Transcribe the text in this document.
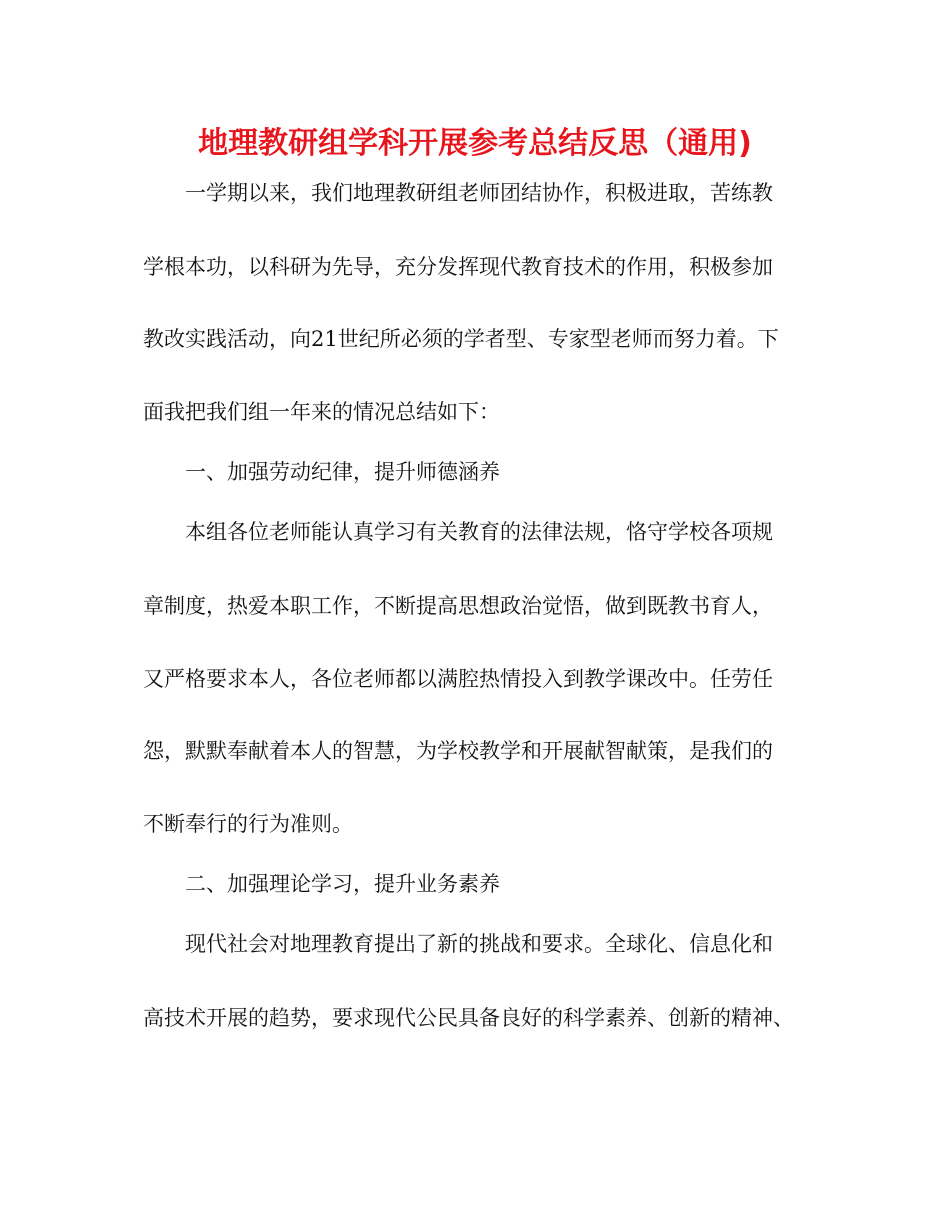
地理教研组学科开展参考总结反思（通用)
一学期以来，我们地理教研组老师团结协作，积极进取，苦练教
学根本功，以科研为先导，充分发挥现代教育技术的作用，积极参加
教改实践活动，向21世纪所必须的学者型、专家型老师而努力着。下
面我把我们组一年来的情况总结如下：
一、加强劳动纪律，提升师德涵养
本组各位老师能认真学习有关教育的法律法规，恪守学校各项规
章制度，热爱本职工作，不断提高思想政治觉悟，做到既教书育人，
又严格要求本人，各位老师都以满腔热情投入到教学课改中。任劳任
怨，默默奉献着本人的智慧，为学校教学和开展献智献策，是我们的
不断奉行的行为准则。
二、加强理论学习，提升业务素养
现代社会对地理教育提出了新的挑战和要求。全球化、信息化和
高技术开展的趋势，要求现代公民具备良好的科学素养、创新的精神、
